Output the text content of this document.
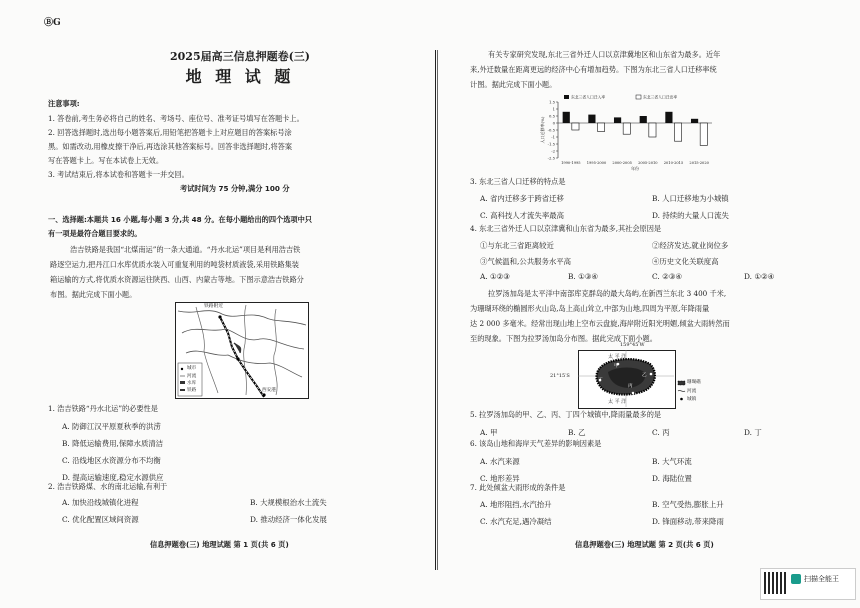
ⒷG
2025届高三信息押题卷(三)
地 理 试 题
注意事项:
1. 答卷前,考生务必将自己的姓名、考场号、座位号、准考证号填写在答题卡上。
2. 回答选择题时,选出每小题答案后,用铅笔把答题卡上对应题目的答案标号涂
黑。如需改动,用橡皮擦干净后,再选涂其他答案标号。回答非选择题时,将答案
写在答题卡上。写在本试卷上无效。
3. 考试结束后,将本试卷和答题卡一并交回。
考试时间为 75 分钟,满分 100 分
一、选择题:本题共 16 小题,每小题 3 分,共 48 分。在每小题给出的四个选项中只
有一项是最符合题目要求的。
浩吉铁路是我国“北煤南运”的一条大通道。“丹水北运”项目是利用浩吉铁
路逐空运力,把丹江口水库优质水装入可重复利用的吨袋材质液袋,采用铁路集装
箱运输的方式,将优质水资源运往陕西、山西、内蒙古等地。下图示意浩吉铁路分
布图。据此完成下面小题。
铁路附近
城市
河流
水库
铁路	西安港
1. 浩吉铁路“丹水北运”的必要性是
A. 防御江汉平原夏秋季的洪涝
B. 降低运输费用,保障水质清洁
C. 沿线地区水资源分布不均衡
D. 提高运输速度,稳定水源供应
2. 浩吉铁路煤、水的南北运输,有利于
A. 加快沿线城镇化进程	B. 大规模根治水土流失
C. 优化配置区域间资源	D. 推动经济一体化发展
信息押题卷(三) 地理试题 第 1 页(共 6 页)
有关专家研究发现,东北三省外迁人口以京津冀地区和山东省为最多。近年
来,外迁数量在距离更远的经济中心有增加趋势。下图为东北三省人口迁移率统
计图。据此完成下面小题。
1.5
1
0.5
0
-0.5
-1
-1.5
-2
-2.5
人口迁移率(%)
1990-1995 1995-2000 2000-2005 2005-2010 2010-2015 2015-2020
年份
东北三省人口迁入率	东北三省人口迁出率
3. 东北三省人口迁移的特点是
A. 省内迁移多于跨省迁移	B. 人口迁移地为小城镇
C. 高科技人才流失率最高	D. 持续的大量人口流失
4. 东北三省外迁人口以京津冀和山东省为最多,其社会原因是
①与东北三省距离较近	②经济发达,就业岗位多
③气候温和,公共服务水平高	④历史文化关联度高
A. ①②③	B. ①③④	C. ②③④	D. ①②④
拉罗汤加岛是太平洋中南部库克群岛的最大岛屿,在新西兰东北 3 400 千米,
为珊瑚环绕的椭圆形火山岛,岛上高山耸立,中部为山地,四周为平原,年降雨量
达 2 000 多毫米。经常出现山地上空布云盘旋,海岸附近阳光明媚,倾盆大雨转然而
至的现象。下图为拉罗汤加岛分布图。据此完成下面小题。
159°45′W
21°15′S
太 平 洋
太 平 洋
甲
乙
丙
丁	珊瑚礁
河流
城镇
5. 拉罗汤加岛的甲、乙、丙、丁四个城镇中,降雨量最多的是
A. 甲	B. 乙	C. 丙	D. 丁
6. 该岛山地和海岸天气差异的影响因素是
A. 水汽来源	B. 大气环流
C. 地形差异	D. 海陆位置
7. 此处倾盆大雨形成的条件是
A. 地形阻挡,水汽抬升	B. 空气受热,膨胀上升
C. 水汽充足,遇冷凝结	D. 锋面移动,带来降雨
信息押题卷(三) 地理试题 第 2 页(共 6 页)
扫描全能王
